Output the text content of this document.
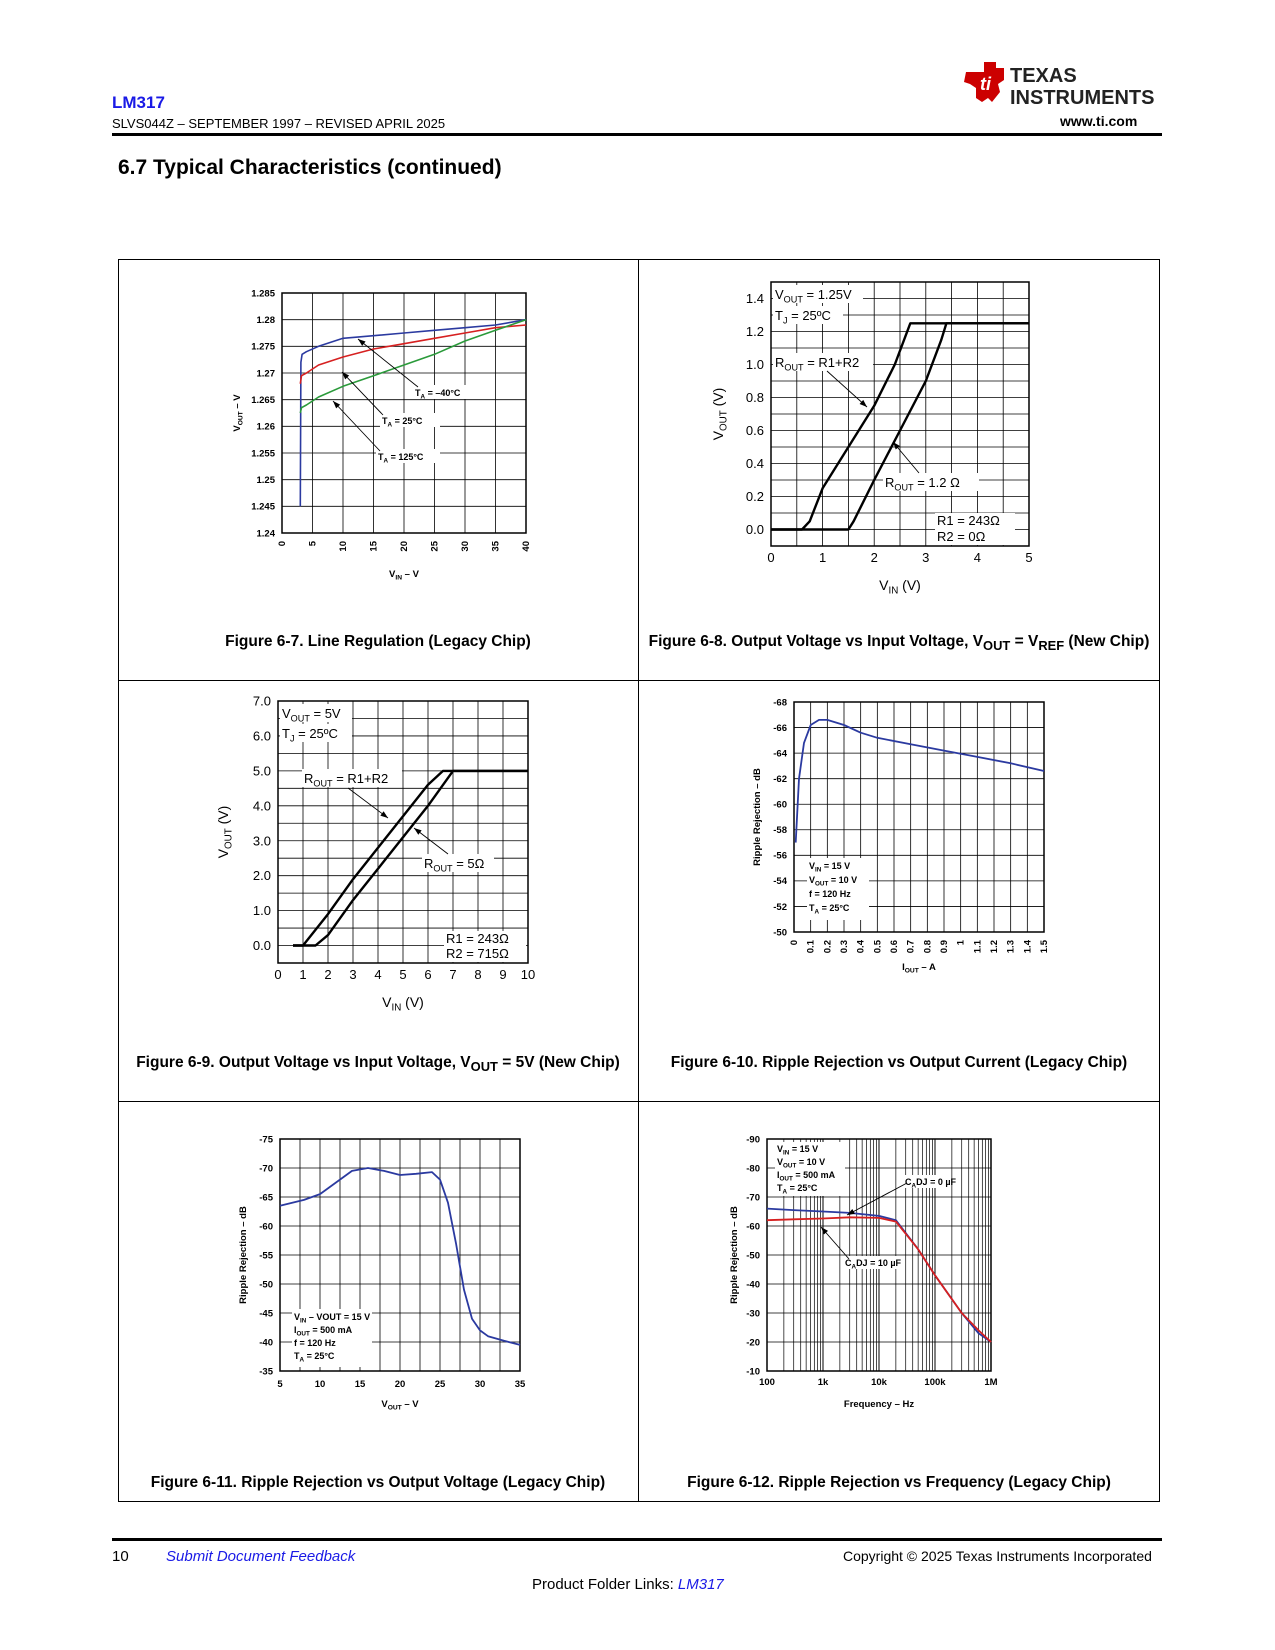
LM317
SLVS044Z – SEPTEMBER 1997 – REVISED APRIL 2025
ti TEXAS
INSTRUMENTS
www.ti.com
6.7 Typical Characteristics (continued)
0 5 10 15 20 25 30 35 40
1.24
1.245
1.25
1.255
1.26
1.265
1.27
1.275
1.28
1.285
$V_{IN}$ – V
$V_{OUT}$ – V
$T_A = -40^\circ C$
$T_A = 25^\circ C$
$T_A = 125^\circ C$
0	1	2	3	4	5
0.0
0.2
0.4
0.6
0.8
1.0
1.2
1.4
$V_{IN}$ (V)
$V_{OUT}$ (V)
$V_{OUT} = 1.25V$
$T_J$ = 25ºC
$R_{OUT} = R1+R2$
$R_{OUT} = 1.2$ Ω
R1 = 243Ω
R2 = 0Ω
0 1 2 3 4 5 6 7 8 9 10
0.0
1.0
2.0
3.0
4.0
5.0
6.0
7.0
$V_{IN}$ (V)
$V_{OUT}$ (V)
$V_{OUT} = 5V$
$T_J$ = 25ºC
$R_{OUT} = R1+R2$
$R_{OUT} = 5\Omega$
R1 = 243Ω
R2 = 715Ω
0 0.1 0.2 0.3 0.4 0.5 0.6 0.7 0.8 0.9 1 1.1 1.2 1.3 1.4 1.5
-50
-52
-54
-56
-58
-60
-62
-64
-66
-68
$I_{OUT}$ – A
Ripple Rejection – dB
$V_{IN} = 15$ V
$V_{OUT} = 10$ V
f = 120 Hz
$T_A = 25^\circ C$
5	10	15	20	25	30	35
-35
-40
-45
-50
-55
-60
-65
-70
-75
$V_{OUT}$ – V
Ripple Rejection – dB
$V_{IN}$ – VOUT = 15 V
$I_{OUT} = 500$ mA
f = 120 Hz
$T_A = 25^\circ C$
100	1k	10k	100k	1M
-10
-20
-30
-40
-50
-60
-70
-80
-90
Frequency – Hz
Ripple Rejection – dB
$V_{IN} = 15$ V
$V_{OUT} = 10$ V
$I_{OUT} = 500$ mA
$T_A = 25^\circ C$
$C_ADJ = 0$ µF
$C_ADJ = 10$ µF
Figure 6-7. Line Regulation (Legacy Chip)	Figure 6-8. Output Voltage vs Input Voltage, $V_{OUT} = V_{REF}$ (New Chip)
Figure 6-9. Output Voltage vs Input Voltage, $V_{OUT} = 5V$ (New Chip)	Figure 6-10. Ripple Rejection vs Output Current (Legacy Chip)
Figure 6-11. Ripple Rejection vs Output Voltage (Legacy Chip)	Figure 6-12. Ripple Rejection vs Frequency (Legacy Chip)
10 Submit Document Feedback	Copyright © 2025 Texas Instruments Incorporated
Product Folder Links: LM317
